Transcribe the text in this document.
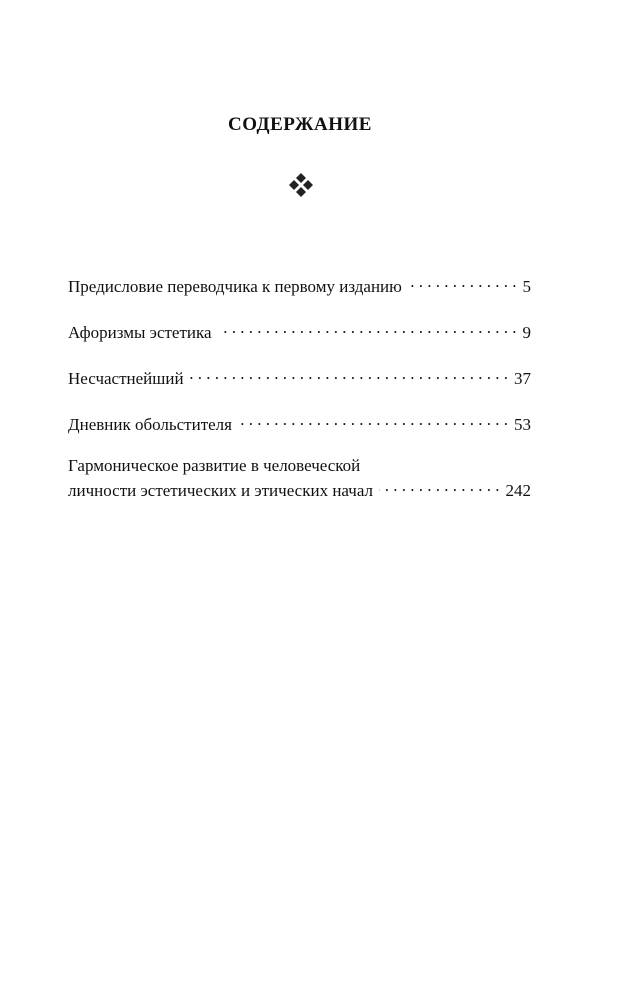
СОДЕРЖАНИЕ
Предисловие переводчика к первому изданию . . .	5
Афоризмы эстетика . . .	9
Несчастнейший . . .	37
Дневник обольстителя . . .	53
Гармоническое развитие в человеческой
личности эстетических и этических начал . . .	242
